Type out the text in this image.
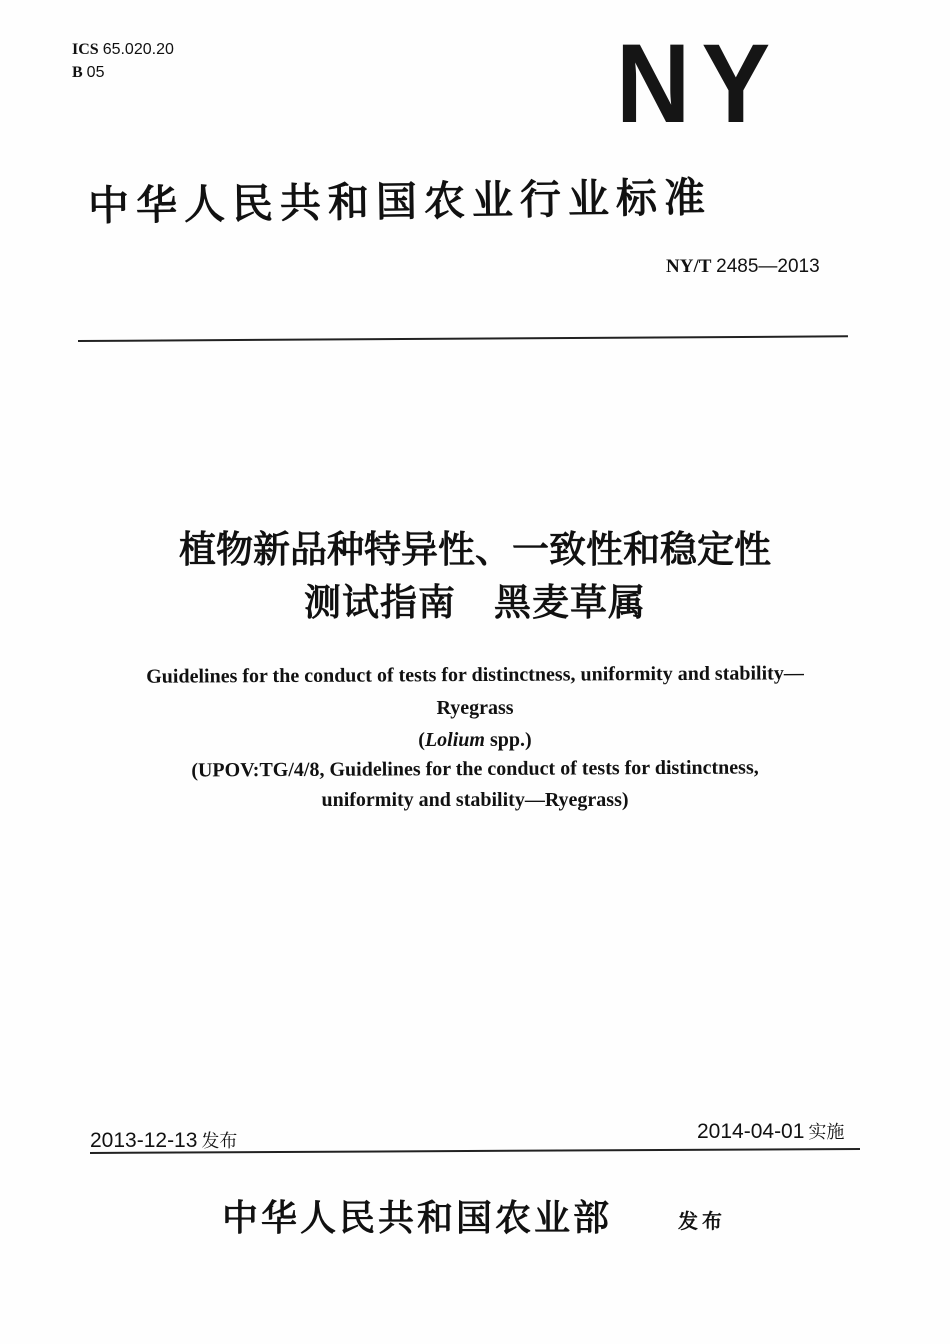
ICS 65.020.20
B 05	NY
中华人民共和国农业行业标准
NY/T 2485—2013
植物新品种特异性、一致性和稳定性
测试指南　黑麦草属
Guidelines for the conduct of tests for distinctness, uniformity and stability—
Ryegrass
(Lolium spp.)
(UPOV:TG/4/8, Guidelines for the conduct of tests for distinctness,
uniformity and stability—Ryegrass)
2013-12-13 发布	2014-04-01 实施
中华人民共和国农业部	发布
